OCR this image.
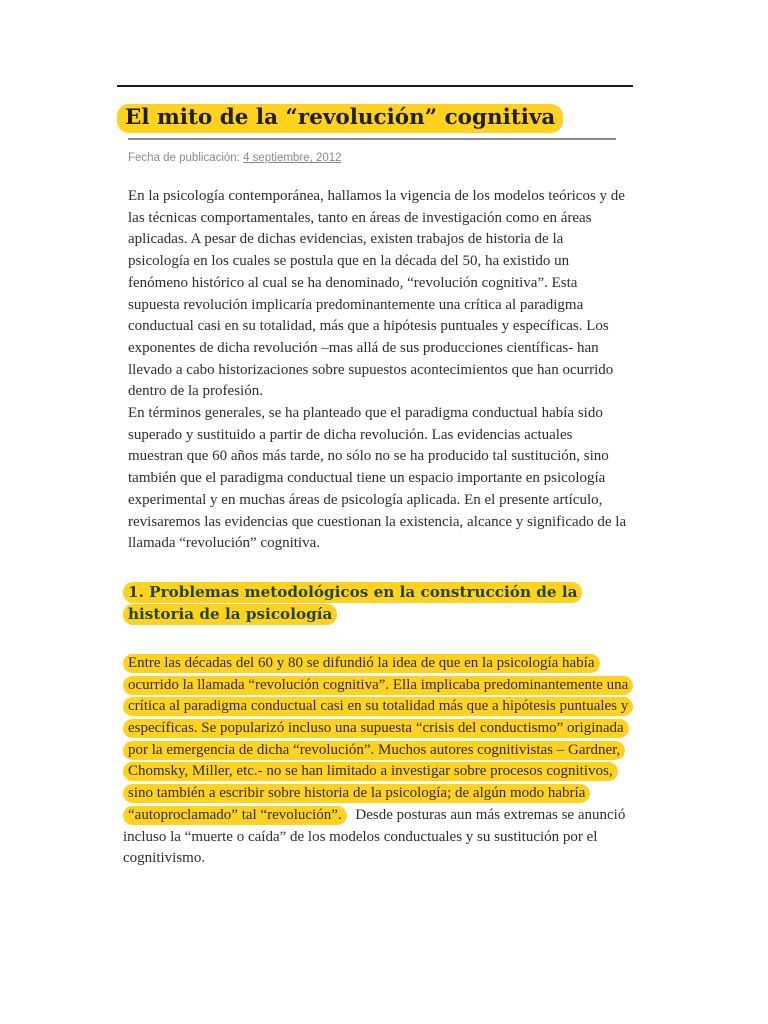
El mito de la “revolución” cognitiva
Fecha de publicación: 4 septiembre, 2012

En la psicología contemporánea, hallamos la vigencia de los modelos teóricos y de las técnicas comportamentales, tanto en áreas de investigación como en áreas aplicadas. A pesar de dichas evidencias, existen trabajos de historia de la psicología en los cuales se postula que en la década del 50, ha existido un fenómeno histórico al cual se ha denominado, “revolución cognitiva”. Esta supuesta revolución implicaría predominantemente una crítica al paradigma conductual casi en su totalidad, más que a hipótesis puntuales y específicas. Los exponentes de dicha revolución –mas allá de sus producciones científicas- han llevado a cabo historizaciones sobre supuestos acontecimientos que han ocurrido dentro de la profesión.

En términos generales, se ha planteado que el paradigma conductual había sido superado y sustituido a partir de dicha revolución. Las evidencias actuales muestran que 60 años más tarde, no sólo no se ha producido tal sustitución, sino también que el paradigma conductual tiene un espacio importante en psicología experimental y en muchas áreas de psicología aplicada. En el presente artículo, revisaremos las evidencias que cuestionan la existencia, alcance y significado de la llamada “revolución” cognitiva.

1. Problemas metodológicos en la construcción de la historia de la psicología
Entre las décadas del 60 y 80 se difundió la idea de que en la psicología había ocurrido la llamada “revolución cognitiva”. Ella implicaba predominantemente una crítica al paradigma conductual casi en su totalidad más que a hipótesis puntuales y específicas. Se popularizó incluso una supuesta “crisis del conductismo” originada por la emergencia de dicha “revolución”. Muchos autores cognitivistas – Gardner, Chomsky, Miller, etc.- no se han limitado a investigar sobre procesos cognitivos, sino también a escribir sobre historia de la psicología; de algún modo habría “autoproclamado” tal “revolución”. Desde posturas aun más extremas se anunció incluso la “muerte o caída” de los modelos conductuales y su sustitución por el cognitivismo.
